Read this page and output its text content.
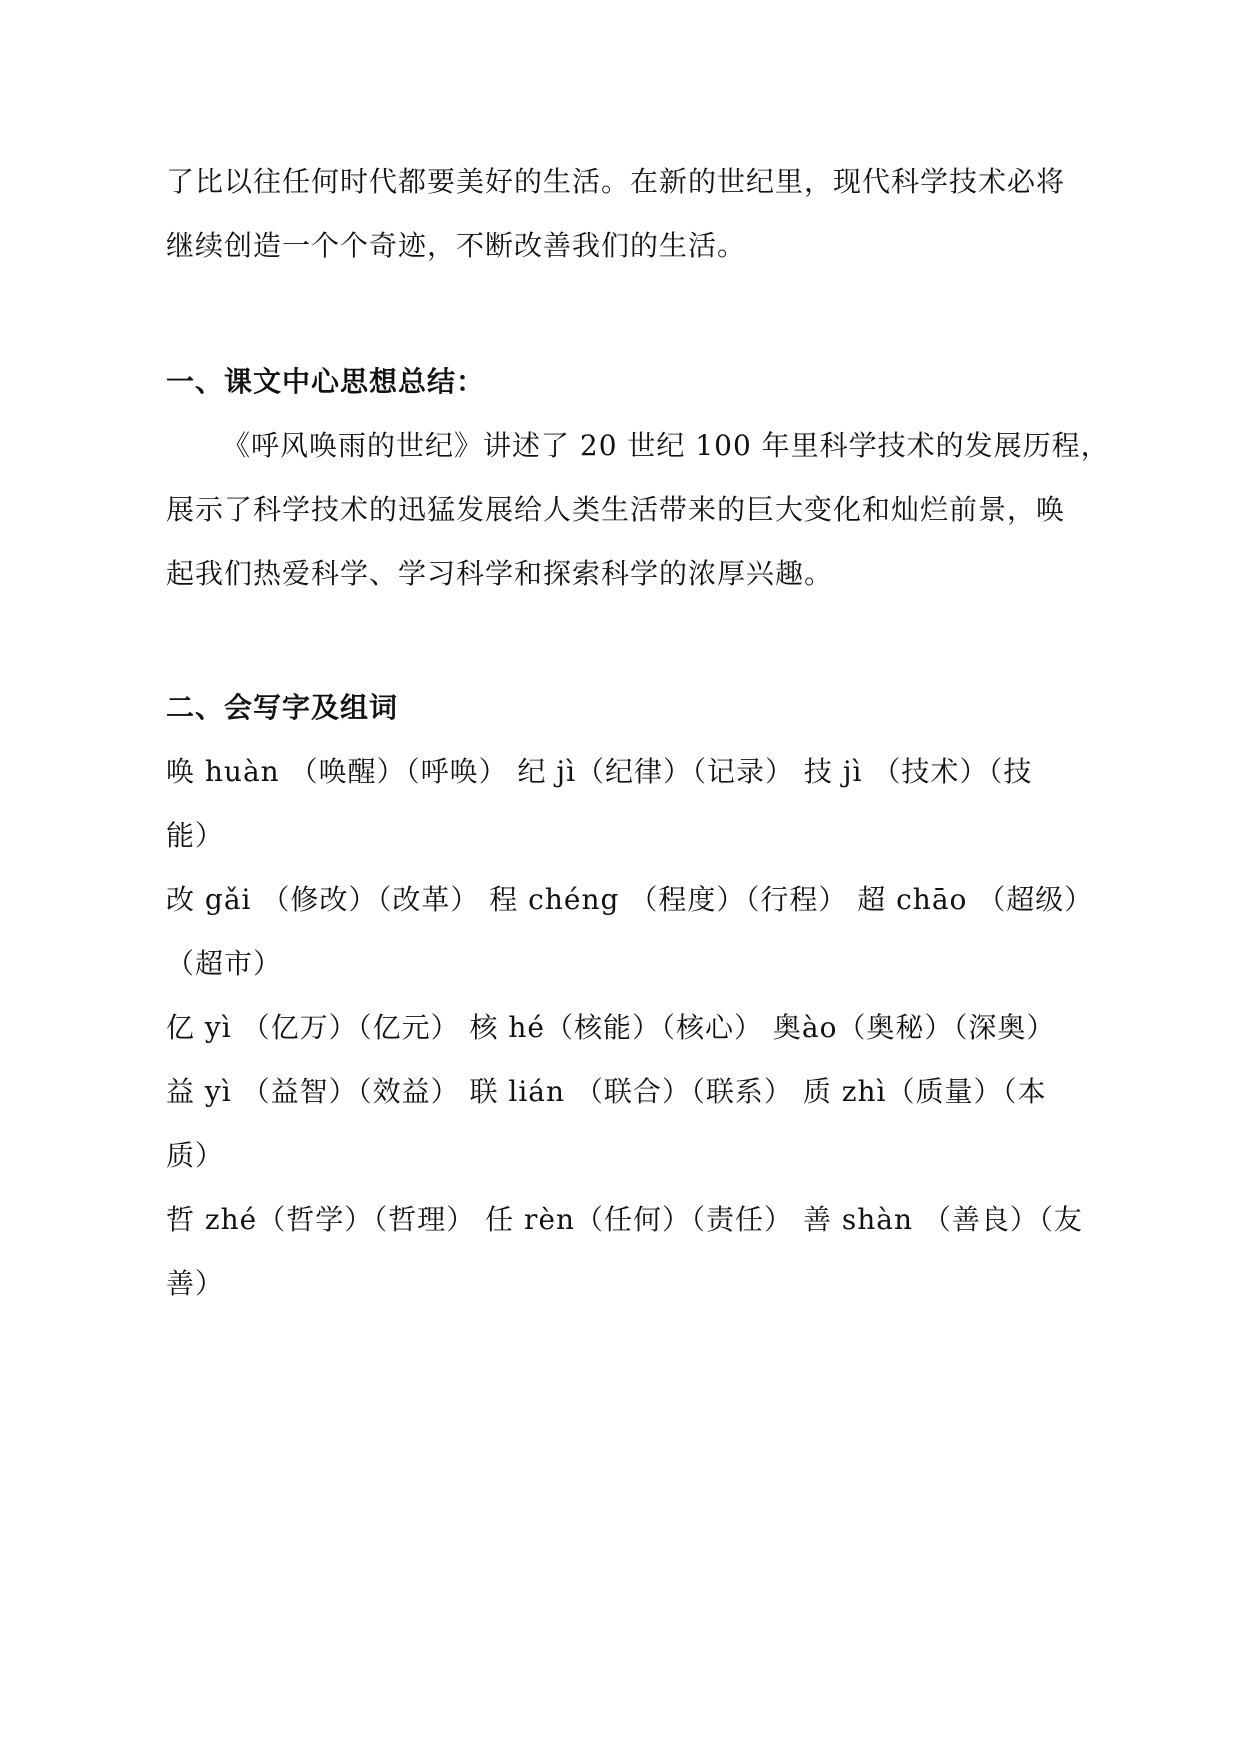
了比以往任何时代都要美好的生活。在新的世纪里，现代科学技术必将
继续创造一个个奇迹，不断改善我们的生活。
一、课文中心思想总结：
《呼风唤雨的世纪》讲述了 20 世纪 100 年里科学技术的发展历程，
展示了科学技术的迅猛发展给人类生活带来的巨大变化和灿烂前景，唤
起我们热爱科学、学习科学和探索科学的浓厚兴趣。
二、会写字及组词
唤 huàn （唤醒）（呼唤） 纪 jì（纪律）（记录） 技 jì （技术）（技
能）
改 gǎi （修改）（改革） 程 chéng （程度）（行程） 超 chāo （超级）
（超市）
亿 yì （亿万）（亿元） 核 hé（核能）（核心） 奥ào（奥秘）（深奥）
益 yì （益智）（效益） 联 lián （联合）（联系） 质 zhì（质量）（本
质）
哲 zhé（哲学）（哲理） 任 rèn（任何）（责任） 善 shàn （善良）（友
善）
